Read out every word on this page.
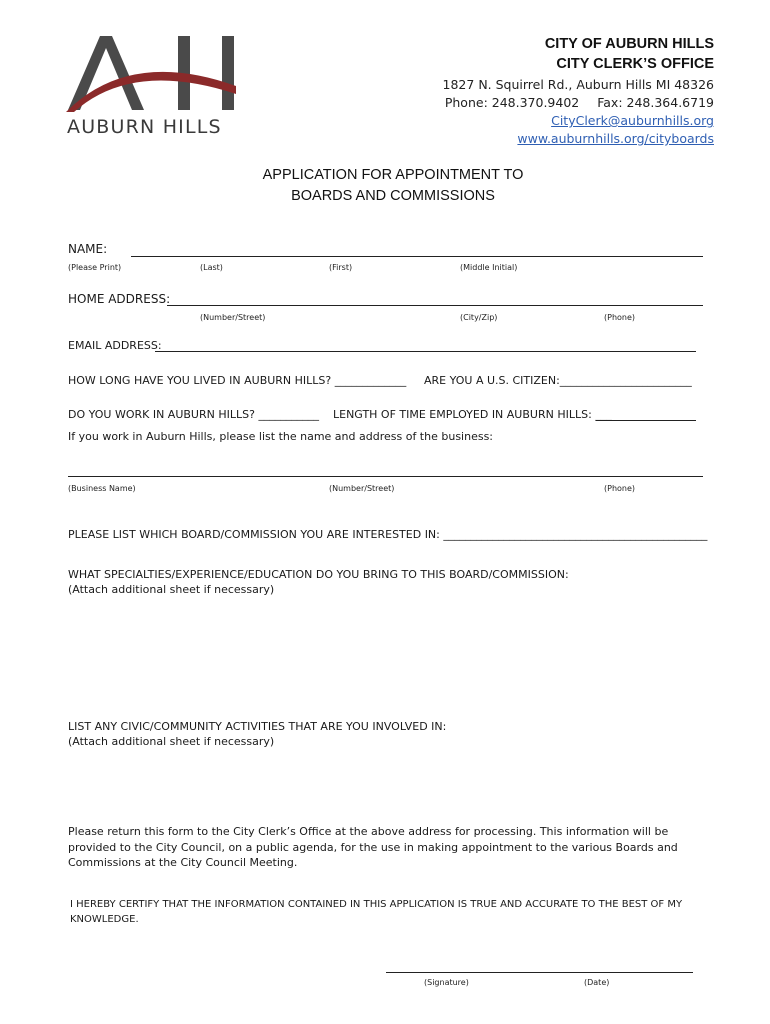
AUBURN HILLS
CITY OF AUBURN HILLS
CITY CLERK’S OFFICE
1827 N. Squirrel Rd., Auburn Hills MI 48326
Phone: 248.370.9402 Fax: 248.364.6719
CityClerk@auburnhills.org
www.auburnhills.org/cityboards
APPLICATION FOR APPOINTMENT TO
BOARDS AND COMMISSIONS
NAME:
(Please Print)	(Last)	(First)	(Middle Initial)
HOME ADDRESS:
(Number/Street)	(City/Zip)	(Phone)
EMAIL ADDRESS:
HOW LONG HAVE YOU LIVED IN AUBURN HILLS? _____________ ARE YOU A U.S. CITIZEN:________________________
DO YOU WORK IN AUBURN HILLS? ___________ LENGTH OF TIME EMPLOYED IN AUBURN HILLS: ___
If you work in Auburn Hills, please list the name and address of the business:
(Business Name)	(Number/Street)	(Phone)
PLEASE LIST WHICH BOARD/COMMISSION YOU ARE INTERESTED IN: ________________________________________________
WHAT SPECIALTIES/EXPERIENCE/EDUCATION DO YOU BRING TO THIS BOARD/COMMISSION:
(Attach additional sheet if necessary)
LIST ANY CIVIC/COMMUNITY ACTIVITIES THAT ARE YOU INVOLVED IN:
(Attach additional sheet if necessary)
Please return this form to the City Clerk’s Office at the above address for processing. This information will be provided to the City Council, on a public agenda, for the use in making appointment to the various Boards and Commissions at the City Council Meeting.
I HEREBY CERTIFY THAT THE INFORMATION CONTAINED IN THIS APPLICATION IS TRUE AND ACCURATE TO THE BEST OF MY KNOWLEDGE.
(Signature)	(Date)
